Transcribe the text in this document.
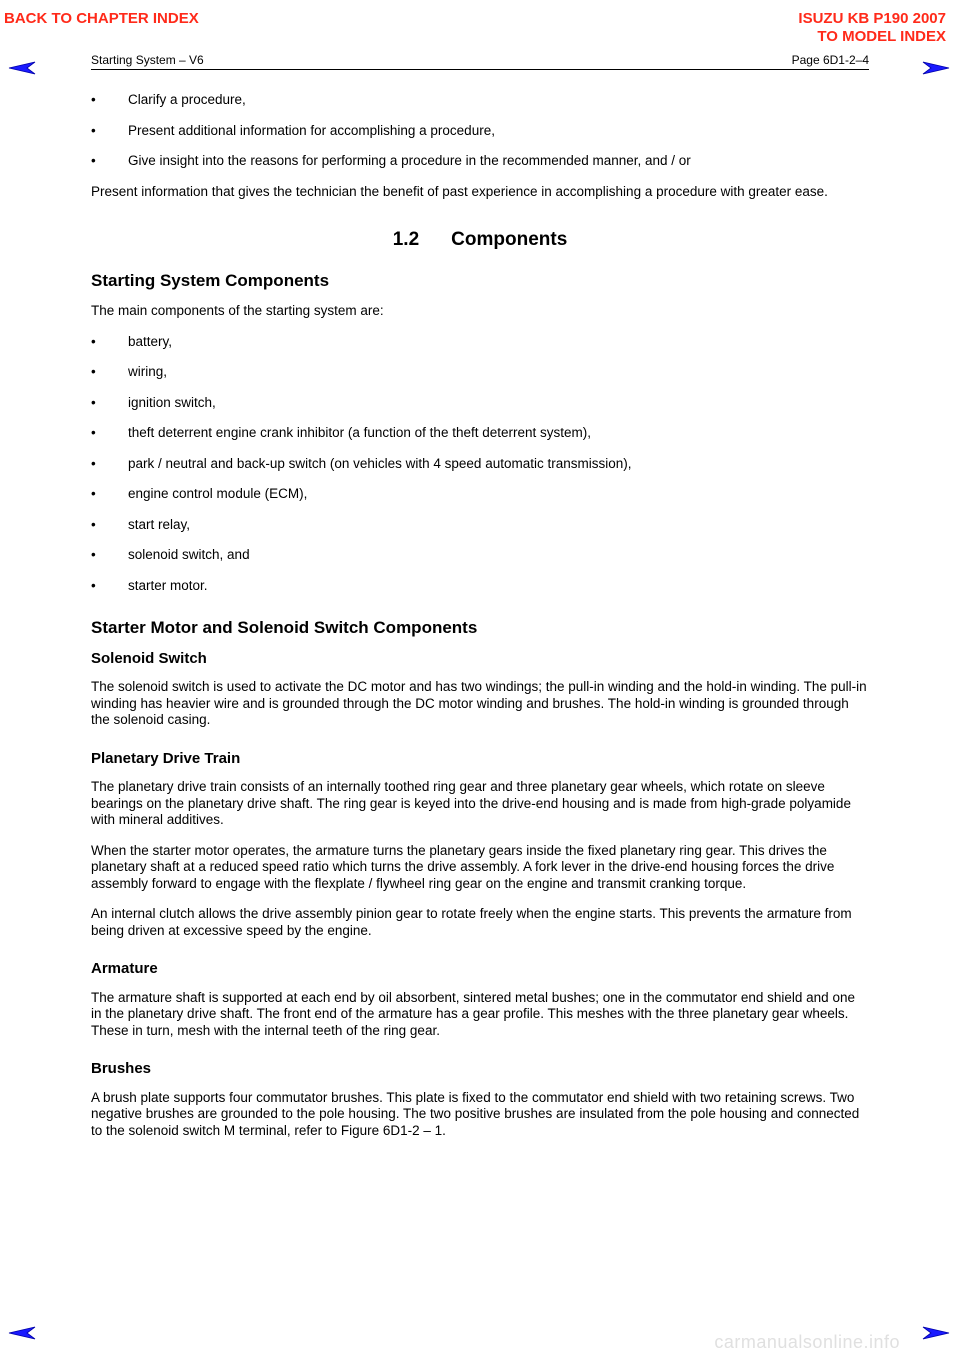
BACK TO CHAPTER INDEX	ISUZU KB P190 2007
TO MODEL INDEX
Starting System – V6	Page 6D1-2–4
• Clarify a procedure,
• Present additional information for accomplishing a procedure,
• Give insight into the reasons for performing a procedure in the recommended manner, and / or

Present information that gives the technician the benefit of past experience in accomplishing a procedure with greater ease.

1.2 Components
Starting System Components

The main components of the starting system are:

• battery,
• wiring,
• ignition switch,
• theft deterrent engine crank inhibitor (a function of the theft deterrent system),
• park / neutral and back-up switch (on vehicles with 4 speed automatic transmission),
• engine control module (ECM),
• start relay,
• solenoid switch, and
• starter motor.
Starter Motor and Solenoid Switch Components
Solenoid Switch

The solenoid switch is used to activate the DC motor and has two windings; the pull-in winding and the hold-in winding. The pull-in winding has heavier wire and is grounded through the DC motor winding and brushes. The hold-in winding is grounded through the solenoid casing.

Planetary Drive Train

The planetary drive train consists of an internally toothed ring gear and three planetary gear wheels, which rotate on sleeve bearings on the planetary drive shaft. The ring gear is keyed into the drive-end housing and is made from high-grade polyamide with mineral additives.

When the starter motor operates, the armature turns the planetary gears inside the fixed planetary ring gear. This drives the planetary shaft at a reduced speed ratio which turns the drive assembly. A fork lever in the drive-end housing forces the drive assembly forward to engage with the flexplate / flywheel ring gear on the engine and transmit cranking torque.

An internal clutch allows the drive assembly pinion gear to rotate freely when the engine starts. This prevents the armature from being driven at excessive speed by the engine.

Armature

The armature shaft is supported at each end by oil absorbent, sintered metal bushes; one in the commutator end shield and one in the planetary drive shaft. The front end of the armature has a gear profile. This meshes with the three planetary gear wheels. These in turn, mesh with the internal teeth of the ring gear.

Brushes

A brush plate supports four commutator brushes. This plate is fixed to the commutator end shield with two retaining screws. Two negative brushes are grounded to the pole housing. The two positive brushes are insulated from the pole housing and connected to the solenoid switch M terminal, refer to Figure 6D1-2 – 1.

carmanualsonline.info
